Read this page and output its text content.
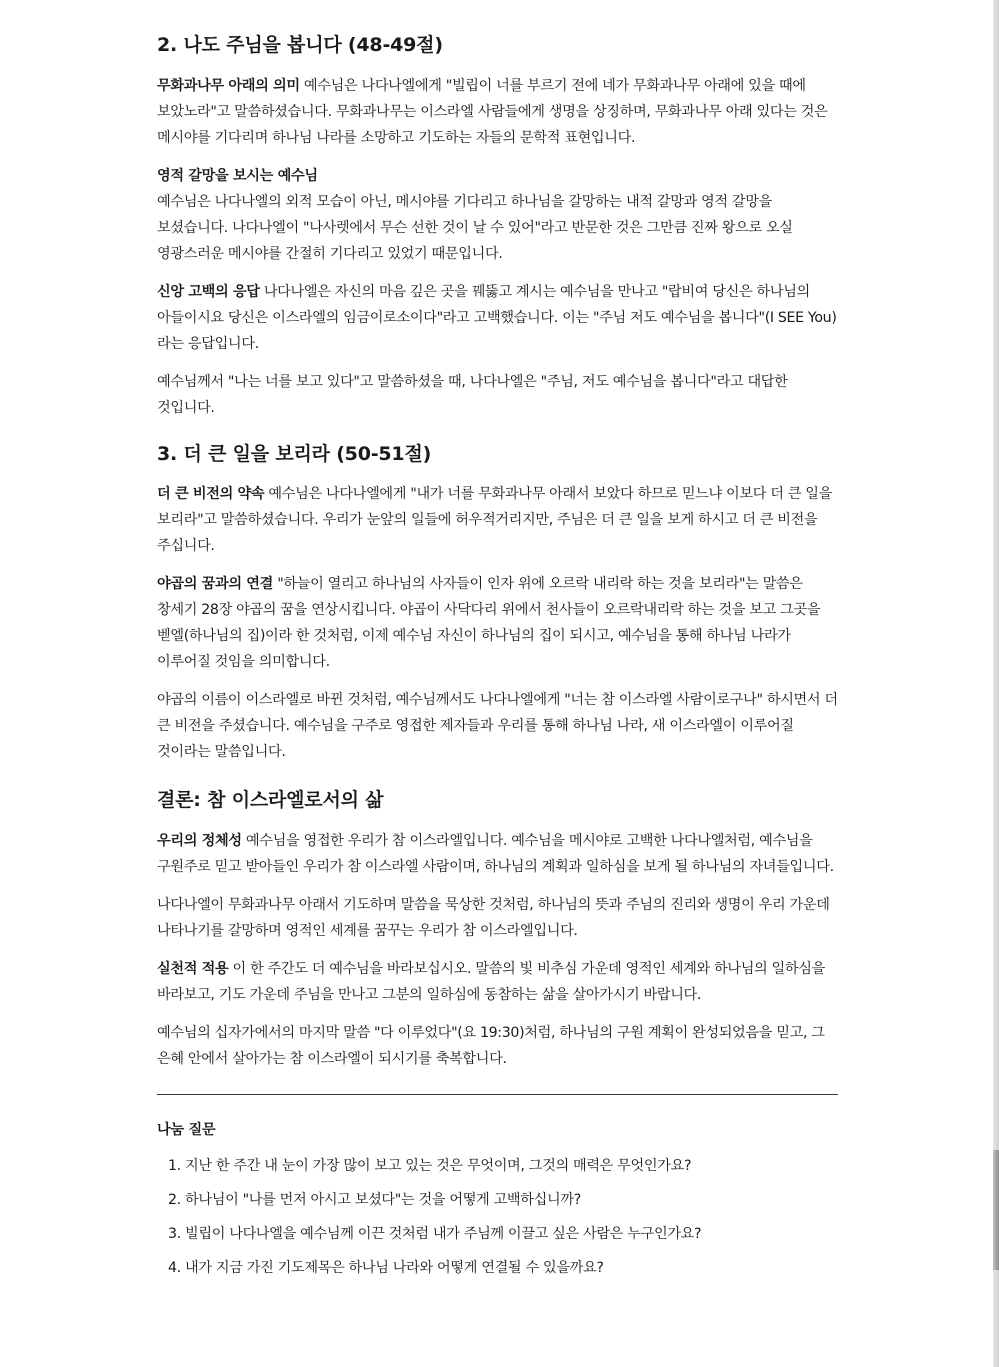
2. 나도 주님을 봅니다 (48-49절)

무화과나무 아래의 의미 예수님은 나다나엘에게 "빌립이 너를 부르기 전에 네가 무화과나무 아래에 있을 때에 보았노라"고 말씀하셨습니다. 무화과나무는 이스라엘 사람들에게 생명을 상징하며, 무화과나무 아래 있다는 것은 메시야를 기다리며 하나님 나라를 소망하고 기도하는 자들의 문학적 표현입니다.

영적 갈망을 보시는 예수님
예수님은 나다나엘의 외적 모습이 아닌, 메시야를 기다리고 하나님을 갈망하는 내적 갈망과 영적 갈망을 보셨습니다. 나다나엘이 "나사렛에서 무슨 선한 것이 날 수 있어"라고 반문한 것은 그만큼 진짜 왕으로 오실 영광스러운 메시야를 간절히 기다리고 있었기 때문입니다.

신앙 고백의 응답 나다나엘은 자신의 마음 깊은 곳을 꿰뚫고 계시는 예수님을 만나고 "랍비여 당신은 하나님의 아들이시요 당신은 이스라엘의 임금이로소이다"라고 고백했습니다. 이는 "주님 저도 예수님을 봅니다"(I SEE You)라는 응답입니다.

예수님께서 "나는 너를 보고 있다"고 말씀하셨을 때, 나다나엘은 "주님, 저도 예수님을 봅니다"라고 대답한 것입니다.

3. 더 큰 일을 보리라 (50-51절)

더 큰 비전의 약속 예수님은 나다나엘에게 "내가 너를 무화과나무 아래서 보았다 하므로 믿느냐 이보다 더 큰 일을 보리라"고 말씀하셨습니다. 우리가 눈앞의 일들에 허우적거리지만, 주님은 더 큰 일을 보게 하시고 더 큰 비전을 주십니다.

야곱의 꿈과의 연결 "하늘이 열리고 하나님의 사자들이 인자 위에 오르락 내리락 하는 것을 보리라"는 말씀은 창세기 28장 야곱의 꿈을 연상시킵니다. 야곱이 사닥다리 위에서 천사들이 오르락내리락 하는 것을 보고 그곳을 벧엘(하나님의 집)이라 한 것처럼, 이제 예수님 자신이 하나님의 집이 되시고, 예수님을 통해 하나님 나라가 이루어질 것임을 의미합니다.

야곱의 이름이 이스라엘로 바뀐 것처럼, 예수님께서도 나다나엘에게 "너는 참 이스라엘 사람이로구나" 하시면서 더 큰 비전을 주셨습니다. 예수님을 구주로 영접한 제자들과 우리를 통해 하나님 나라, 새 이스라엘이 이루어질 것이라는 말씀입니다.

결론: 참 이스라엘로서의 삶

우리의 정체성 예수님을 영접한 우리가 참 이스라엘입니다. 예수님을 메시야로 고백한 나다나엘처럼, 예수님을 구원주로 믿고 받아들인 우리가 참 이스라엘 사람이며, 하나님의 계획과 일하심을 보게 될 하나님의 자녀들입니다.

나다나엘이 무화과나무 아래서 기도하며 말씀을 묵상한 것처럼, 하나님의 뜻과 주님의 진리와 생명이 우리 가운데 나타나기를 갈망하며 영적인 세계를 꿈꾸는 우리가 참 이스라엘입니다.

실천적 적용 이 한 주간도 더 예수님을 바라보십시오. 말씀의 빛 비추심 가운데 영적인 세계와 하나님의 일하심을 바라보고, 기도 가운데 주님을 만나고 그분의 일하심에 동참하는 삶을 살아가시기 바랍니다.

예수님의 십자가에서의 마지막 말씀 "다 이루었다"(요 19:30)처럼, 하나님의 구원 계획이 완성되었음을 믿고, 그 은혜 안에서 살아가는 참 이스라엘이 되시기를 축복합니다.

나눔 질문
1. 지난 한 주간 내 눈이 가장 많이 보고 있는 것은 무엇이며, 그것의 매력은 무엇인가요?
2. 하나님이 "나를 먼저 아시고 보셨다"는 것을 어떻게 고백하십니까?
3. 빌립이 나다나엘을 예수님께 이끈 것처럼 내가 주님께 이끌고 싶은 사람은 누구인가요?
4. 내가 지금 가진 기도제목은 하나님 나라와 어떻게 연결될 수 있을까요?
